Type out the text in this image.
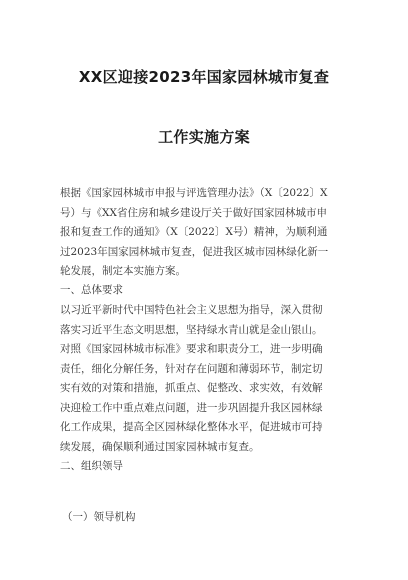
XX区迎接2023年国家园林城市复查
工作实施方案
根据《国家园林城市申报与评选管理办法》（X〔2022〕X
号）与《XX省住房和城乡建设厅关于做好国家园林城市申
报和复查工作的通知》（X〔2022〕X号）精神，为顺利通
过2023年国家园林城市复查，促进我区城市园林绿化新一
轮发展，制定本实施方案。
一、总体要求
以习近平新时代中国特色社会主义思想为指导，深入贯彻
落实习近平生态文明思想，坚持绿水青山就是金山银山。
对照《国家园林城市标准》要求和职责分工，进一步明确
责任，细化分解任务，针对存在问题和薄弱环节，制定切
实有效的对策和措施，抓重点、促整改、求实效，有效解
决迎检工作中重点难点问题，进一步巩固提升我区园林绿
化工作成果，提高全区园林绿化整体水平，促进城市可持
续发展，确保顺利通过国家园林城市复查。
二、组织领导
（一）领导机构
